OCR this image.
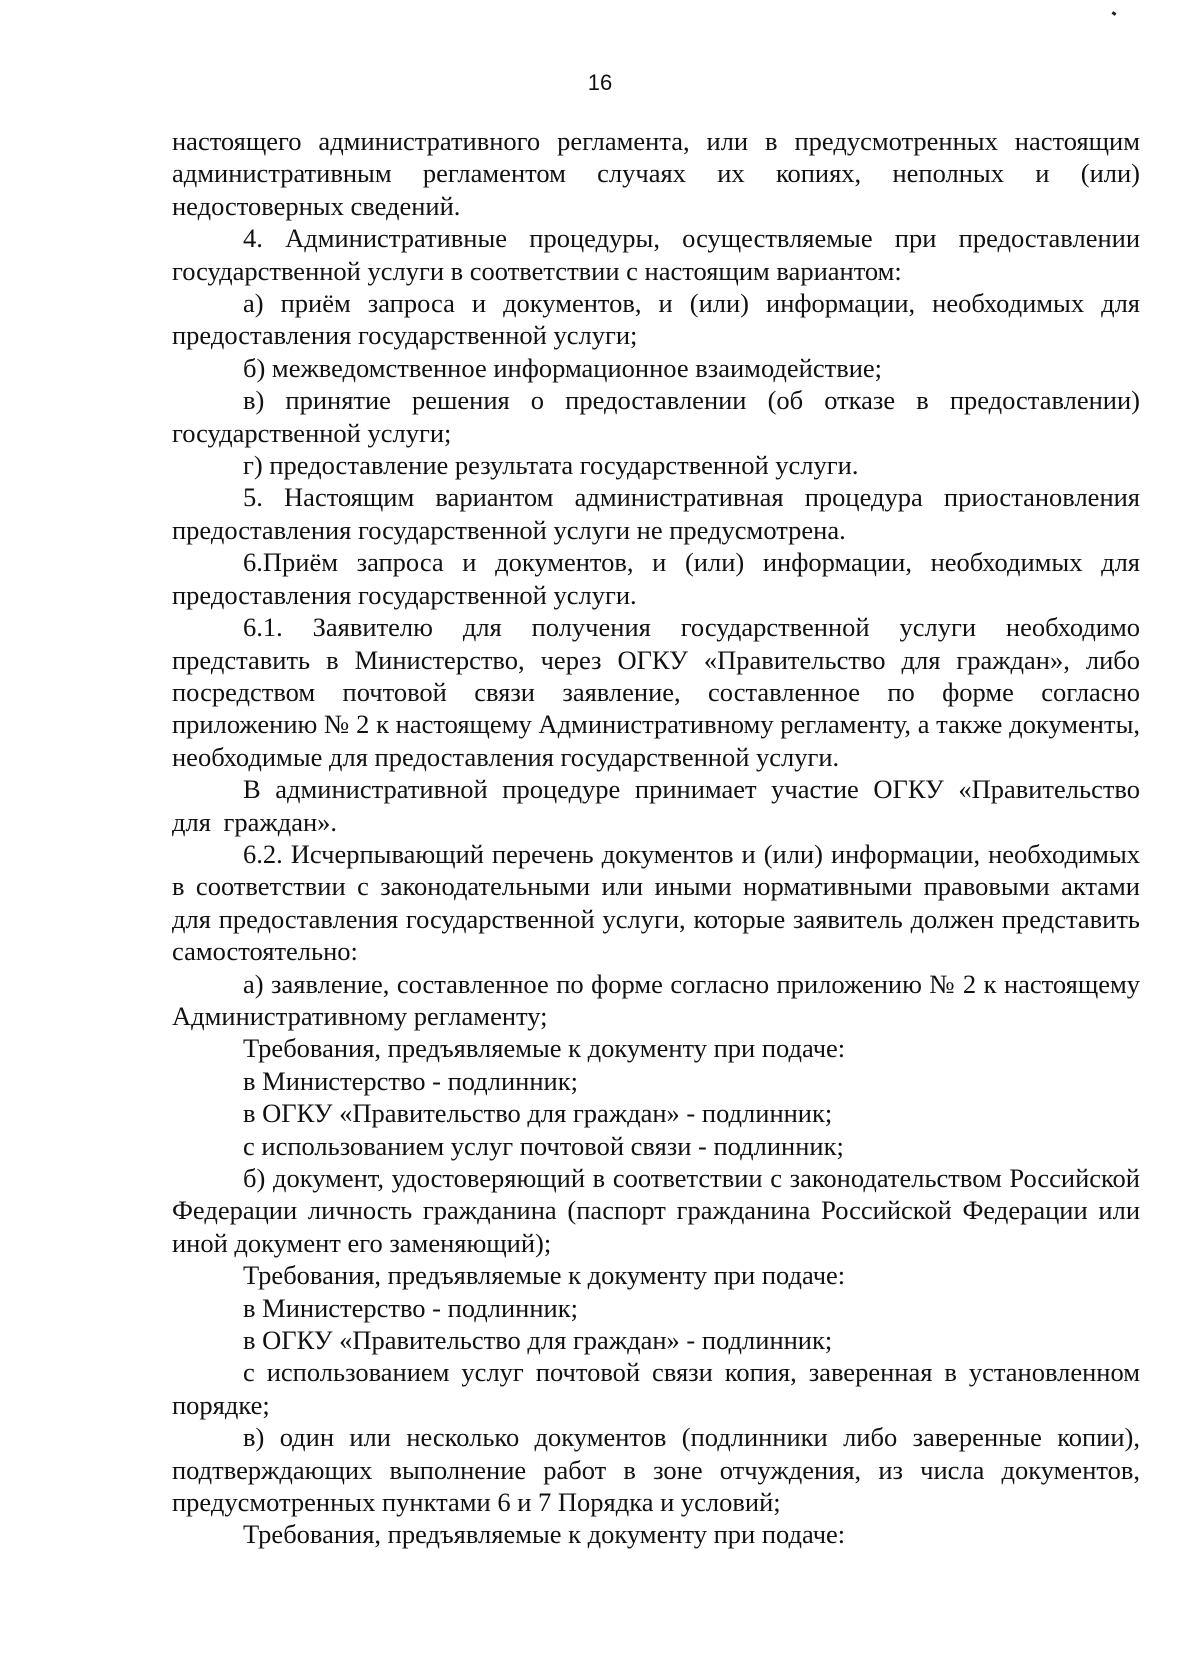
16

настоящего административного регламента, или в предусмотренных настоящим административным регламентом случаях их копиях, неполных и (или) недостоверных сведений.

4. Административные процедуры, осуществляемые при предоставлении государственной услуги в соответствии с настоящим вариантом:

а) приём запроса и документов, и (или) информации, необходимых для предоставления государственной услуги;

б) межведомственное информационное взаимодействие;

в) принятие решения о предоставлении (об отказе в предоставлении) государственной услуги;

г) предоставление результата государственной услуги.

5. Настоящим вариантом административная процедура приостановления предоставления государственной услуги не предусмотрена.

6.Приём запроса и документов, и (или) информации, необходимых для предоставления государственной услуги.

6.1. Заявителю для получения государственной услуги необходимо представить в Министерство, через ОГКУ «Правительство для граждан», либо посредством почтовой связи заявление, составленное по форме согласно приложению № 2 к настоящему Административному регламенту, а также документы, необходимые для предоставления государственной услуги.

В административной процедуре принимает участие ОГКУ «Правительство для граждан».

6.2. Исчерпывающий перечень документов и (или) информации, необходимых в соответствии с законодательными или иными нормативными правовыми актами для предоставления государственной услуги, которые заявитель должен представить самостоятельно:

а) заявление, составленное по форме согласно приложению № 2 к настоящему Административному регламенту;

Требования, предъявляемые к документу при подаче:

в Министерство - подлинник;

в ОГКУ «Правительство для граждан» - подлинник;

с использованием услуг почтовой связи - подлинник;

б) документ, удостоверяющий в соответствии с законодательством Российской Федерации личность гражданина (паспорт гражданина Российской Федерации или иной документ его заменяющий);

Требования, предъявляемые к документу при подаче:

в Министерство - подлинник;

в ОГКУ «Правительство для граждан» - подлинник;

с использованием услуг почтовой связи копия, заверенная в установленном порядке;

в) один или несколько документов (подлинники либо заверенные копии), подтверждающих выполнение работ в зоне отчуждения, из числа документов, предусмотренных пунктами 6 и 7 Порядка и условий;

Требования, предъявляемые к документу при подаче:
